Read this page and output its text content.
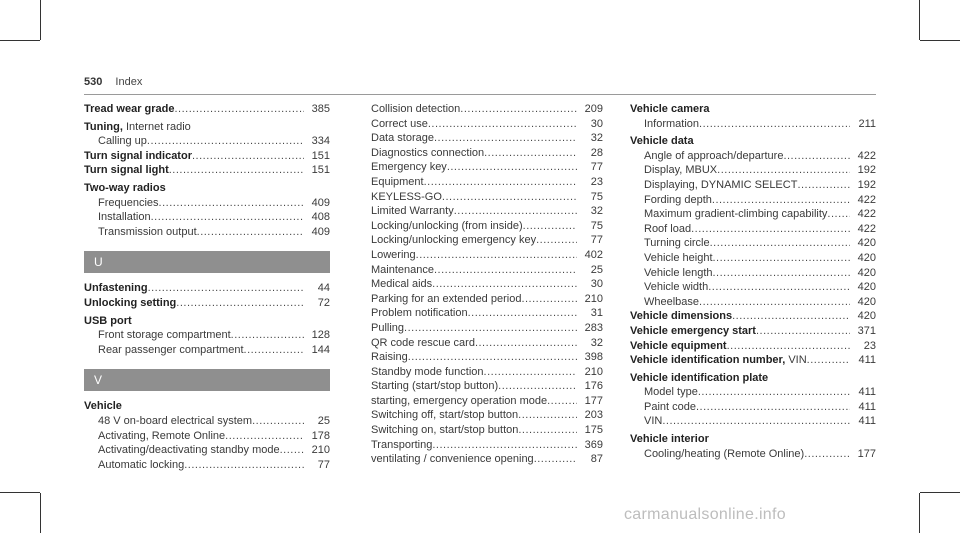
530 Index
Tread wear grade .....	385
Tuning, Internet radio
Calling up .....	334
Turn signal indicator .....	151
Turn signal light .....	151
Two-way radios
Frequencies .....	409
Installation .....	408
Transmission output .....	409
U
Unfastening .....	44
Unlocking setting .....	72
USB port
Front storage compartment .....	128
Rear passenger compartment .....	144
V
Vehicle
48 V on-board electrical system .....	25
Activating, Remote Online .....	178
Activating/deactivating standby mode .....	210
Automatic locking .....	77
Collision detection .....	209
Correct use .....	30
Data storage .....	32
Diagnostics connection .....	28
Emergency key .....	77
Equipment .....	23
KEYLESS-GO .....	75
Limited Warranty .....	32
Locking/unlocking (from inside) .....	75
Locking/unlocking emergency key .....	77
Lowering .....	402
Maintenance .....	25
Medical aids .....	30
Parking for an extended period .....	210
Problem notification .....	31
Pulling .....	283
QR code rescue card .....	32
Raising .....	398
Standby mode function .....	210
Starting (start/stop button) .....	176
starting, emergency operation mode .....	177
Switching off, start/stop button .....	203
Switching on, start/stop button .....	175
Transporting .....	369
ventilating / convenience opening .....	87
Vehicle camera
Information .....	211
Vehicle data
Angle of approach/departure .....	422
Display, MBUX .....	192
Displaying, DYNAMIC SELECT .....	192
Fording depth .....	422
Maximum gradient-climbing capability .....	422
Roof load .....	422
Turning circle .....	420
Vehicle height .....	420
Vehicle length .....	420
Vehicle width .....	420
Wheelbase .....	420
Vehicle dimensions .....	420
Vehicle emergency start .....	371
Vehicle equipment .....	23
Vehicle identification number, VIN .....	411
Vehicle identification plate
Model type .....	411
Paint code .....	411
VIN .....	411
Vehicle interior
Cooling/heating (Remote Online) .....	177
carmanualsonline.info
